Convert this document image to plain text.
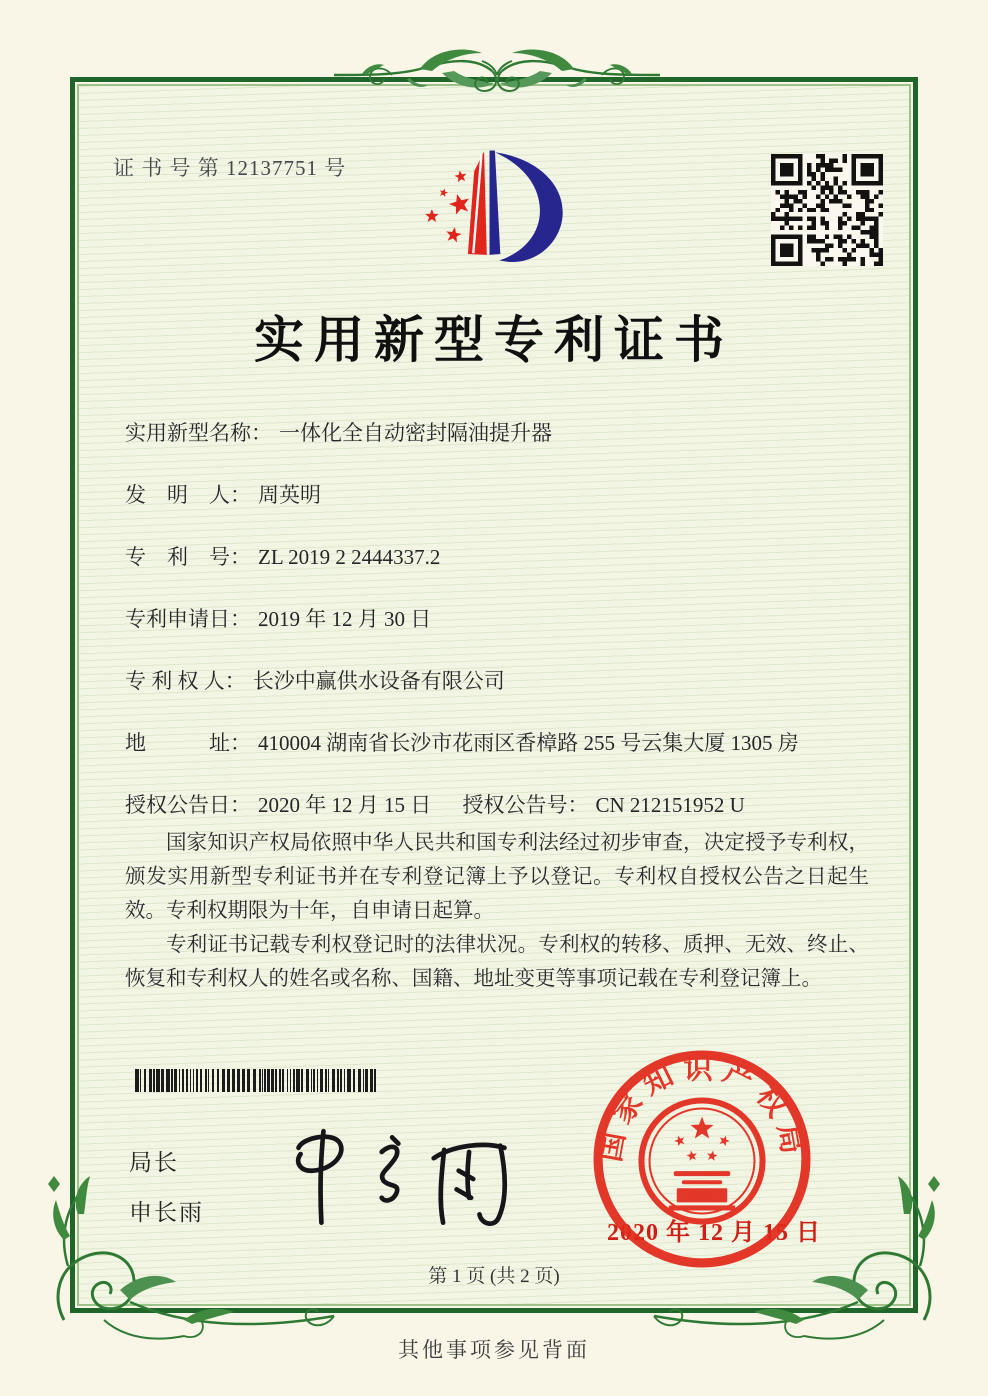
证 书 号 第 12137751 号
实用新型专利证书
实用新型名称： 一体化全自动密封隔油提升器
发　明　人： 周英明
专　利　号： ZL 2019 2 2444337.2
专利申请日： 2019 年 12 月 30 日
专 利 权 人： 长沙中赢供水设备有限公司
地　　　址： 410004 湖南省长沙市花雨区香樟路 255 号云集大厦 1305 房
授权公告日： 2020 年 12 月 15 日 授权公告号： CN 212151952 U

国家知识产权局依照中华人民共和国专利法经过初步审查，决定授予专利权，颁发实用新型专利证书并在专利登记簿上予以登记。专利权自授权公告之日起生效。专利权期限为十年，自申请日起算。

专利证书记载专利权登记时的法律状况。专利权的转移、质押、无效、终止、恢复和专利权人的姓名或名称、国籍、地址变更等事项记载在专利登记簿上。

局长
申长雨
国家知识产权局
2020 年 12 月 15 日
第 1 页 (共 2 页)
其他事项参见背面
